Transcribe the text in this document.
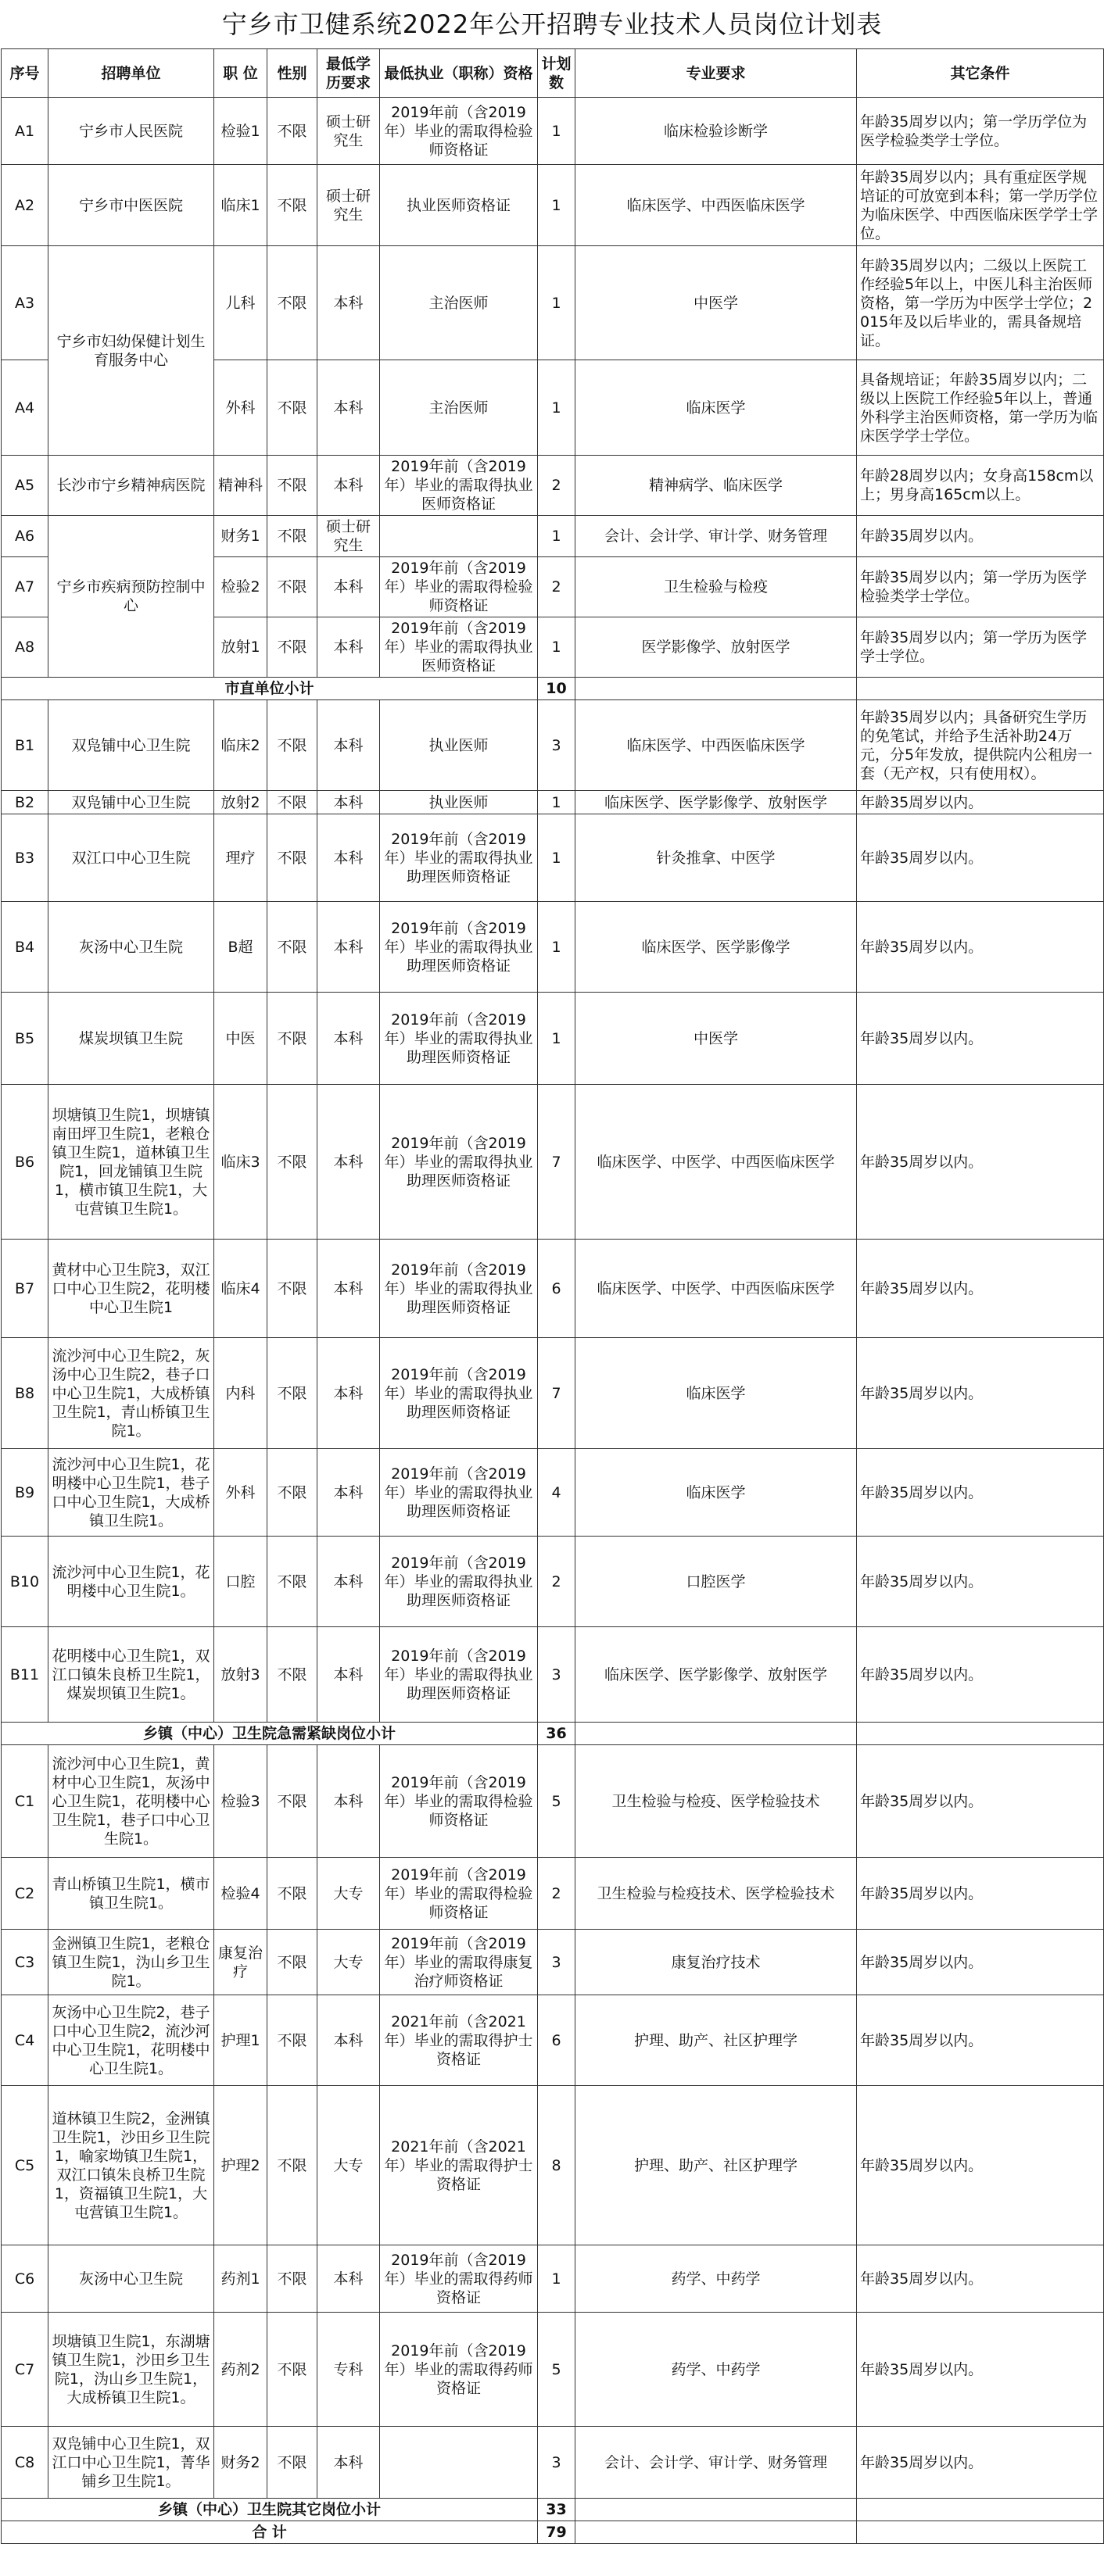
宁乡市卫健系统2022年公开招聘专业技术人员岗位计划表
序号	招聘单位	职 位	性别	最低学历要求	最低执业（职称）资格	计划数	专业要求	其它条件
A1	宁乡市人民医院	检验1	不限	硕士研究生	2019年前（含2019年）毕业的需取得检验师资格证	1	临床检验诊断学	年龄35周岁以内；第一学历学位为医学检验类学士学位。
A2	宁乡市中医医院	临床1	不限	硕士研究生	执业医师资格证	1	临床医学、中西医临床医学	年龄35周岁以内；具有重症医学规培证的可放宽到本科；第一学历学位为临床医学、中西医临床医学学士学位。
A3	宁乡市妇幼保健计划生育服务中心	儿科	不限	本科	主治医师	1	中医学	年龄35周岁以内；二级以上医院工作经验5年以上，中医儿科主治医师资格，第一学历为中医学士学位；2015年及以后毕业的，需具备规培证。
A4		外科	不限	本科	主治医师	1	临床医学	具备规培证；年龄35周岁以内；二级以上医院工作经验5年以上，普通外科学主治医师资格，第一学历为临床医学学士学位。
A5	长沙市宁乡精神病医院	精神科	不限	本科	2019年前（含2019年）毕业的需取得执业医师资格证	2	精神病学、临床医学	年龄28周岁以内；女身高158cm以上；男身高165cm以上。
A6	宁乡市疾病预防控制中心	财务1	不限	硕士研究生		1	会计、会计学、审计学、财务管理	年龄35周岁以内。
A7		检验2	不限	本科	2019年前（含2019年）毕业的需取得检验师资格证	2	卫生检验与检疫	年龄35周岁以内；第一学历为医学检验类学士学位。
A8		放射1	不限	本科	2019年前（含2019年）毕业的需取得执业医师资格证	1	医学影像学、放射医学	年龄35周岁以内；第一学历为医学学士学位。
市直单位小计						10		
B1	双凫铺中心卫生院	临床2	不限	本科	执业医师	3	临床医学、中西医临床医学	年龄35周岁以内；具备研究生学历的免笔试，并给予生活补助24万元，分5年发放，提供院内公租房一套（无产权，只有使用权）。
B2	双凫铺中心卫生院	放射2	不限	本科	执业医师	1	临床医学、医学影像学、放射医学	年龄35周岁以内。
B3	双江口中心卫生院	理疗	不限	本科	2019年前（含2019年）毕业的需取得执业助理医师资格证	1	针灸推拿、中医学	年龄35周岁以内。
B4	灰汤中心卫生院	B超	不限	本科	2019年前（含2019年）毕业的需取得执业助理医师资格证	1	临床医学、医学影像学	年龄35周岁以内。
B5	煤炭坝镇卫生院	中医	不限	本科	2019年前（含2019年）毕业的需取得执业助理医师资格证	1	中医学	年龄35周岁以内。
B6	坝塘镇卫生院1，坝塘镇南田坪卫生院1，老粮仓镇卫生院1，道林镇卫生院1，回龙铺镇卫生院1，横市镇卫生院1，大屯营镇卫生院1。	临床3	不限	本科	2019年前（含2019年）毕业的需取得执业助理医师资格证	7	临床医学、中医学、中西医临床医学	年龄35周岁以内。
B7	黄材中心卫生院3，双江口中心卫生院2，花明楼中心卫生院1	临床4	不限	本科	2019年前（含2019年）毕业的需取得执业助理医师资格证	6	临床医学、中医学、中西医临床医学	年龄35周岁以内。
B8	流沙河中心卫生院2，灰汤中心卫生院2，巷子口中心卫生院1，大成桥镇卫生院1，青山桥镇卫生院1。	内科	不限	本科	2019年前（含2019年）毕业的需取得执业助理医师资格证	7	临床医学	年龄35周岁以内。
B9	流沙河中心卫生院1，花明楼中心卫生院1，巷子口中心卫生院1，大成桥镇卫生院1。	外科	不限	本科	2019年前（含2019年）毕业的需取得执业助理医师资格证	4	临床医学	年龄35周岁以内。
B10	流沙河中心卫生院1，花明楼中心卫生院1。	口腔	不限	本科	2019年前（含2019年）毕业的需取得执业助理医师资格证	2	口腔医学	年龄35周岁以内。
B11	花明楼中心卫生院1，双江口镇朱良桥卫生院1，煤炭坝镇卫生院1。	放射3	不限	本科	2019年前（含2019年）毕业的需取得执业助理医师资格证	3	临床医学、医学影像学、放射医学	年龄35周岁以内。
乡镇（中心）卫生院急需紧缺岗位小计						36		
C1	流沙河中心卫生院1，黄材中心卫生院1，灰汤中心卫生院1，花明楼中心卫生院1，巷子口中心卫生院1。	检验3	不限	本科	2019年前（含2019年）毕业的需取得检验师资格证	5	卫生检验与检疫、医学检验技术	年龄35周岁以内。
C2	青山桥镇卫生院1，横市镇卫生院1。	检验4	不限	大专	2019年前（含2019年）毕业的需取得检验师资格证	2	卫生检验与检疫技术、医学检验技术	年龄35周岁以内。
C3	金洲镇卫生院1，老粮仓镇卫生院1，沩山乡卫生院1。	康复治疗	不限	大专	2019年前（含2019年）毕业的需取得康复治疗师资格证	3	康复治疗技术	年龄35周岁以内。
C4	灰汤中心卫生院2，巷子口中心卫生院2，流沙河中心卫生院1，花明楼中心卫生院1。	护理1	不限	本科	2021年前（含2021年）毕业的需取得护士资格证	6	护理、助产、社区护理学	年龄35周岁以内。
C5	道林镇卫生院2，金洲镇卫生院1，沙田乡卫生院1，喻家坳镇卫生院1，双江口镇朱良桥卫生院1，资福镇卫生院1，大屯营镇卫生院1。	护理2	不限	大专	2021年前（含2021年）毕业的需取得护士资格证	8	护理、助产、社区护理学	年龄35周岁以内。
C6	灰汤中心卫生院	药剂1	不限	本科	2019年前（含2019年）毕业的需取得药师资格证	1	药学、中药学	年龄35周岁以内。
C7	坝塘镇卫生院1，东湖塘镇卫生院1，沙田乡卫生院1，沩山乡卫生院1，大成桥镇卫生院1。	药剂2	不限	专科	2019年前（含2019年）毕业的需取得药师资格证	5	药学、中药学	年龄35周岁以内。
C8	双凫铺中心卫生院1，双江口中心卫生院1，菁华铺乡卫生院1。	财务2	不限	本科		3	会计、会计学、审计学、财务管理	年龄35周岁以内。
乡镇（中心）卫生院其它岗位小计						33		
合 计						79		
